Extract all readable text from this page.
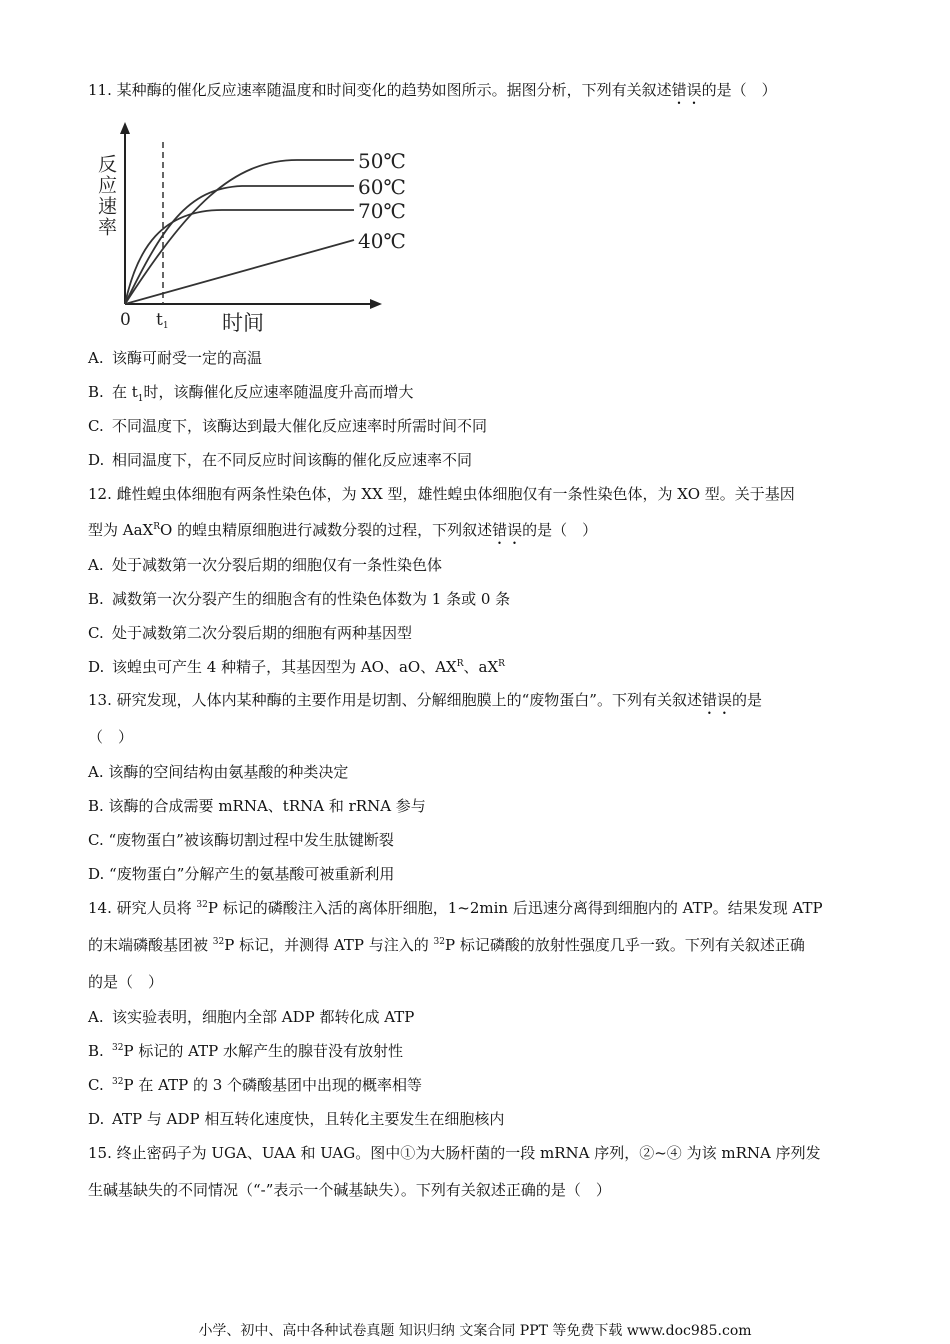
11. 某种酶的催化反应速率随温度和时间变化的趋势如图所示。据图分析，下列有关叙述错误的是（　）
50℃
60℃
70℃
40℃
反应速率
0 t1	时间
A. 该酶可耐受一定的高温
B. 在 $t_1$时，该酶催化反应速率随温度升高而增大
C. 不同温度下，该酶达到最大催化反应速率时所需时间不同
D. 相同温度下，在不同反应时间该酶的催化反应速率不同
12. 雌性蝗虫体细胞有两条性染色体，为 XX 型，雄性蝗虫体细胞仅有一条性染色体，为 XO 型。关于基因
型为 AaX$^R$O 的蝗虫精原细胞进行减数分裂的过程，下列叙述错误的是（　）
A. 处于减数第一次分裂后期的细胞仅有一条性染色体
B. 减数第一次分裂产生的细胞含有的性染色体数为 1 条或 0 条
C. 处于减数第二次分裂后期的细胞有两种基因型
D. 该蝗虫可产生 4 种精子，其基因型为 AO、aO、$AX^R$、$aX^R$
13. 研究发现，人体内某种酶的主要作用是切割、分解细胞膜上的“废物蛋白”。下列有关叙述错误的是
（　）
A. 该酶的空间结构由氨基酸的种类决定
B. 该酶的合成需要 mRNA、tRNA 和 rRNA 参与
C. “废物蛋白”被该酶切割过程中发生肽键断裂
D. “废物蛋白”分解产生的氨基酸可被重新利用
14. 研究人员将 $^{32}$P 标记的磷酸注入活的离体肝细胞，1~2min 后迅速分离得到细胞内的 ATP。结果发现 ATP
的末端磷酸基团被 $^{32}$P 标记，并测得 ATP 与注入的 $^{32}$P 标记磷酸的放射性强度几乎一致。下列有关叙述正确
的是（　）
A. 该实验表明，细胞内全部 ADP 都转化成 ATP
B. $^{32}$P 标记的 ATP 水解产生的腺苷没有放射性
C. $^{32}$P 在 ATP 的 3 个磷酸基团中出现的概率相等
D. ATP 与 ADP 相互转化速度快，且转化主要发生在细胞核内
15. 终止密码子为 UGA、UAA 和 UAG。图中①为大肠杆菌的一段 mRNA 序列，②~④ 为该 mRNA 序列发
生碱基缺失的不同情况（“-”表示一个碱基缺失）。下列有关叙述正确的是（　）
小学、初中、高中各种试卷真题 知识归纳 文案合同 PPT 等免费下载 www.doc985.com
